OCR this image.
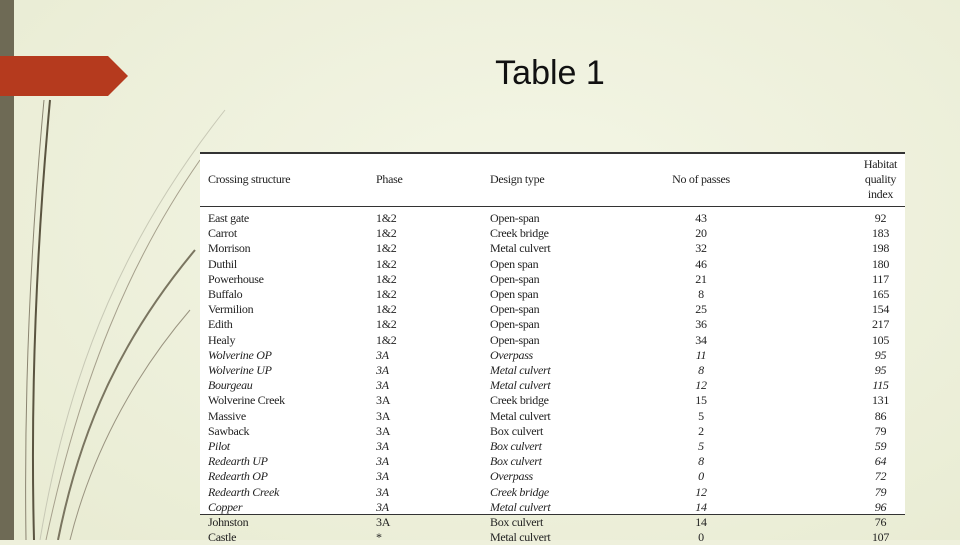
Table 1
Crossing structure	Phase	Design type	No of passes	Habitat quality index
East gate	1&2	Open-span	43	92
Carrot	1&2	Creek bridge	20	183
Morrison	1&2	Metal culvert	32	198
Duthil	1&2	Open span	46	180
Powerhouse	1&2	Open-span	21	117
Buffalo	1&2	Open span	8	165
Vermilion	1&2	Open-span	25	154
Edith	1&2	Open-span	36	217
Healy	1&2	Open-span	34	105
Wolverine OP	3A	Overpass	11	95
Wolverine UP	3A	Metal culvert	8	95
Bourgeau	3A	Metal culvert	12	115
Wolverine Creek	3A	Creek bridge	15	131
Massive	3A	Metal culvert	5	86
Sawback	3A	Box culvert	2	79
Pilot	3A	Box culvert	5	59
Redearth UP	3A	Box culvert	8	64
Redearth OP	3A	Overpass	0	72
Redearth Creek	3A	Creek bridge	12	79
Copper	3A	Metal culvert	14	96
Johnston	3A	Box culvert	14	76
Castle	*	Metal culvert	0	107
